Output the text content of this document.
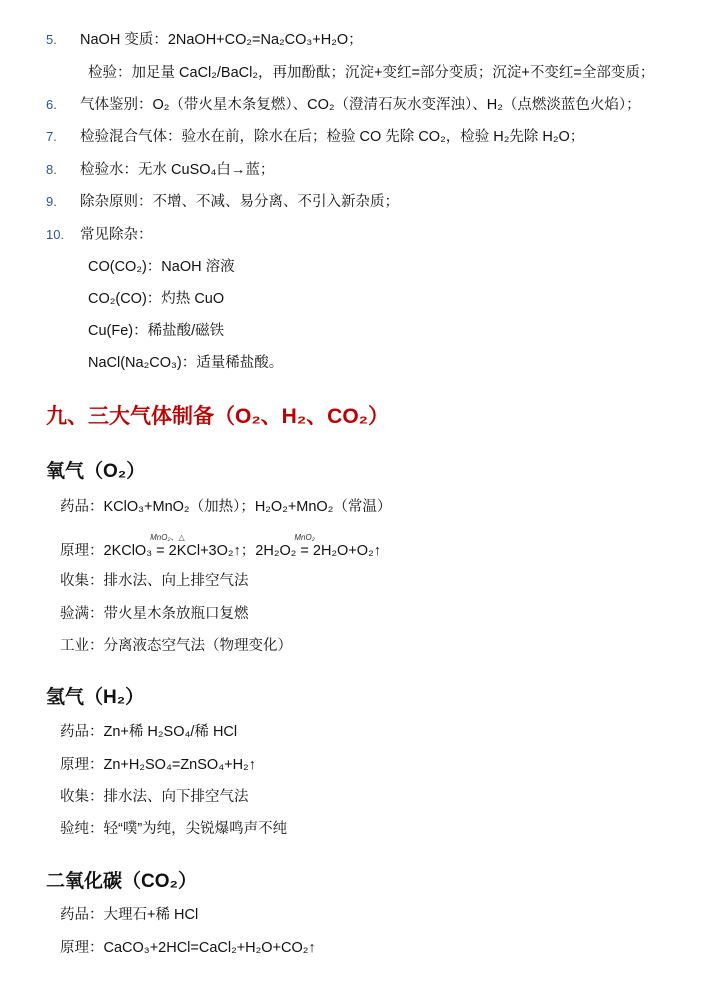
5. NaOH 变质：2NaOH+CO₂=Na₂CO₃+H₂O；
检验：加足量 CaCl₂/BaCl₂，再加酚酞；沉淀+变红=部分变质；沉淀+不变红=全部变质；
6. 气体鉴别：O₂（带火星木条复燃）、CO₂（澄清石灰水变浑浊）、H₂（点燃淡蓝色火焰）；
7. 检验混合气体：验水在前，除水在后；检验 CO 先除 CO₂，检验 H₂先除 H₂O；
8. 检验水：无水 CuSO₄白→蓝；
9. 除杂原则：不增、不减、易分离、不引入新杂质；
10. 常见除杂：
CO(CO₂)：NaOH 溶液
CO₂(CO)：灼热 CuO
Cu(Fe)：稀盐酸/磁铁
NaCl(Na₂CO₃)：适量稀盐酸。
九、三大气体制备（O₂、H₂、CO₂）
氧气（O₂）
药品：KClO₃+MnO₂（加热）；H₂O₂+MnO₂（常温）
原理：2KClO₃
MnO₂、△
= 2KCl+3O₂↑；2H₂O₂
MnO₂
= 2H₂O+O₂↑
收集：排水法、向上排空气法
验满：带火星木条放瓶口复燃
工业：分离液态空气法（物理变化）
氢气（H₂）
药品：Zn+稀 H₂SO₄/稀 HCl
原理：Zn+H₂SO₄=ZnSO₄+H₂↑
收集：排水法、向下排空气法
验纯：轻“噗”为纯，尖锐爆鸣声不纯
二氧化碳（CO₂）
药品：大理石+稀 HCl
原理：CaCO₃+2HCl=CaCl₂+H₂O+CO₂↑
